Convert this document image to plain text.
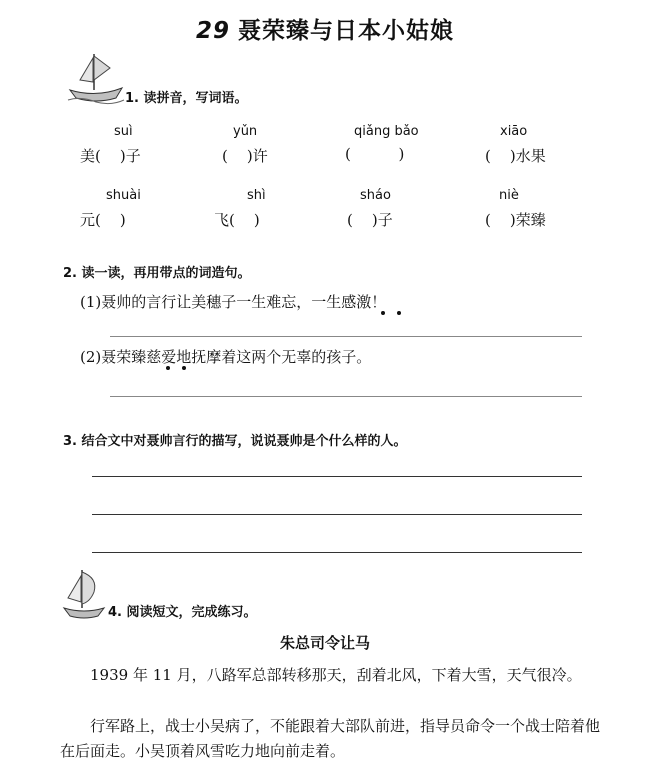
29 聂荣臻与日本小姑娘
1. 读拼音，写词语。
suì
美(    )子
yǔn
(    )许
qiǎng bǎo
(          )
xiāo
(    )水果
shuài
元(    )
shì
飞(    )
sháo
(    )子
niè
(    )荣臻
2. 读一读，再用带点的词造句。
(1)聂帅的言行让美穗子一生难忘，一生感激！
(2)聂荣臻慈爱地抚摩着这两个无辜的孩子。
3. 结合文中对聂帅言行的描写，说说聂帅是个什么样的人。
4. 阅读短文，完成练习。
朱总司令让马
1939 年 11 月，八路军总部转移那天，刮着北风，下着大雪，天气很冷。
行军路上，战士小吴病了，不能跟着大部队前进，指导员命令一个战士陪着他在后面走。小吴顶着风雪吃力地向前走着。
